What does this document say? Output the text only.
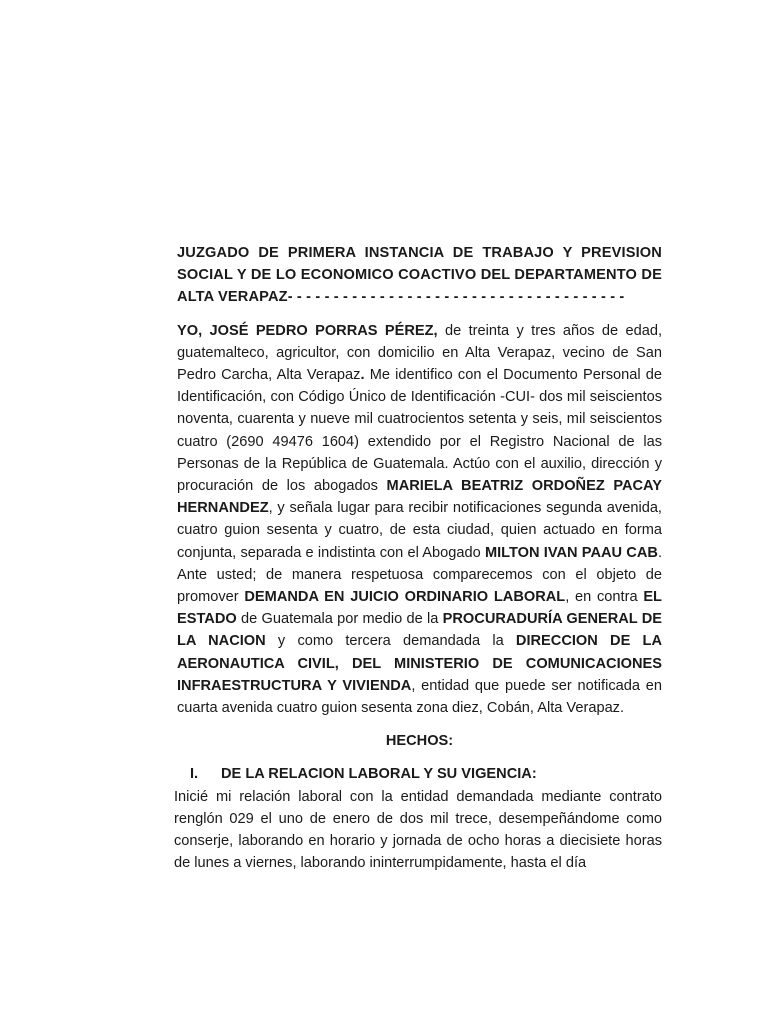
JUZGADO DE PRIMERA INSTANCIA DE TRABAJO Y PREVISION SOCIAL Y DE LO ECONOMICO COACTIVO DEL DEPARTAMENTO DE ALTA VERAPAZ- - - - - - - - - - - - - - - - - - - - - - - - - - - - - - - - - - - - -

YO, JOSÉ PEDRO PORRAS PÉREZ, de treinta y tres años de edad, guatemalteco, agricultor, con domicilio en Alta Verapaz, vecino de San Pedro Carcha, Alta Verapaz. Me identifico con el Documento Personal de Identificación, con Código Único de Identificación -CUI- dos mil seiscientos noventa, cuarenta y nueve mil cuatrocientos setenta y seis, mil seiscientos cuatro (2690 49476 1604) extendido por el Registro Nacional de las Personas de la República de Guatemala. Actúo con el auxilio, dirección y procuración de los abogados MARIELA BEATRIZ ORDOÑEZ PACAY HERNANDEZ, y señala lugar para recibir notificaciones segunda avenida, cuatro guion sesenta y cuatro, de esta ciudad, quien actuado en forma conjunta, separada e indistinta con el Abogado MILTON IVAN PAAU CAB. Ante usted; de manera respetuosa comparecemos con el objeto de promover DEMANDA EN JUICIO ORDINARIO LABORAL, en contra EL ESTADO de Guatemala por medio de la PROCURADURÍA GENERAL DE LA NACION y como tercera demandada la DIRECCION DE LA AERONAUTICA CIVIL, DEL MINISTERIO DE COMUNICACIONES INFRAESTRUCTURA Y VIVIENDA, entidad que puede ser notificada en cuarta avenida cuatro guion sesenta zona diez, Cobán, Alta Verapaz.

HECHOS:

I.	DE LA RELACION LABORAL Y SU VIGENCIA:

Inicié mi relación laboral con la entidad demandada mediante contrato renglón 029 el uno de enero de dos mil trece, desempeñándome como conserje, laborando en horario y jornada de ocho horas a diecisiete horas de lunes a viernes, laborando ininterrumpidamente, hasta el día
